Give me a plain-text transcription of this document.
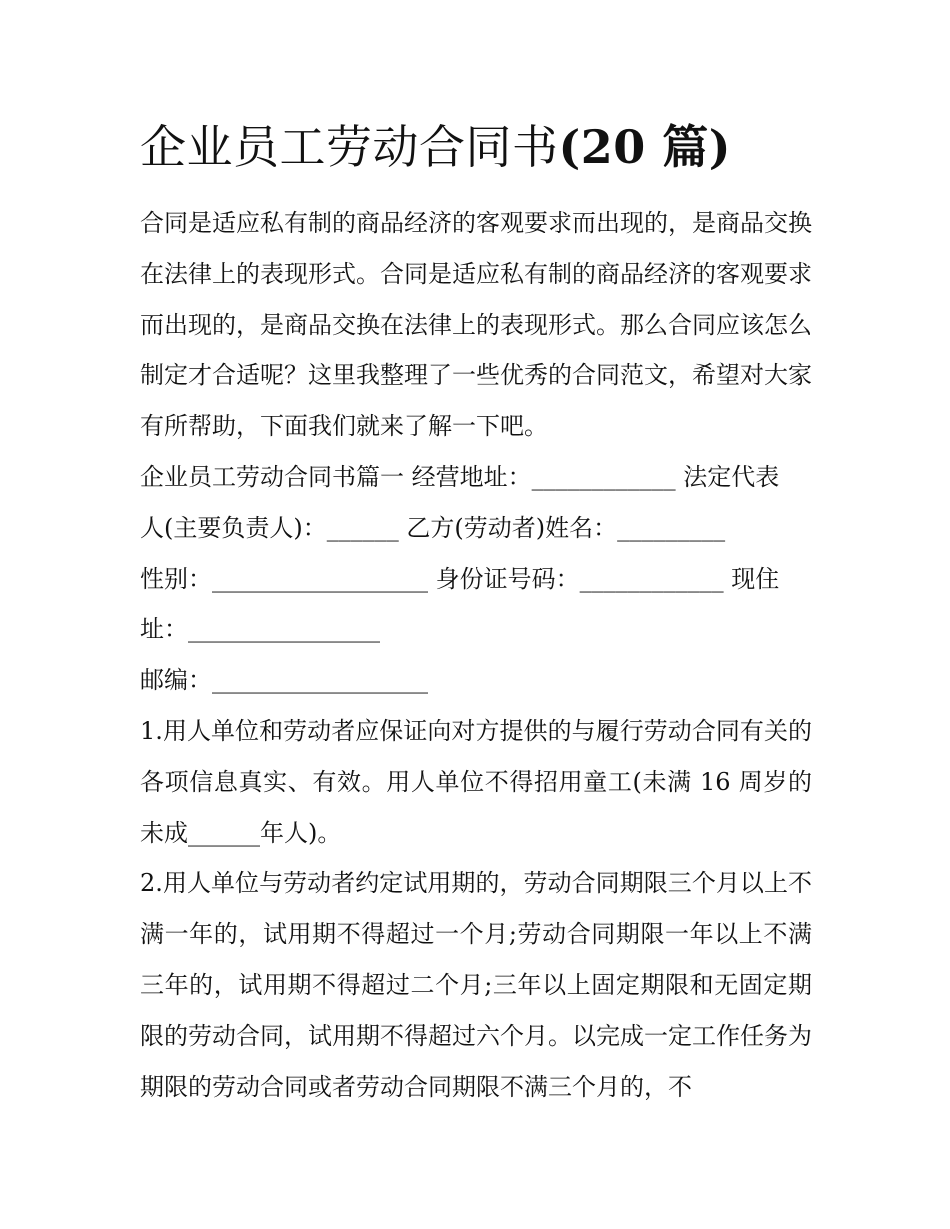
企业员工劳动合同书(20 篇)

合同是适应私有制的商品经济的客观要求而出现的，是商品交换在法律上的表现形式。合同是适应私有制的商品经济的客观要求而出现的，是商品交换在法律上的表现形式。那么合同应该怎么制定才合适呢？这里我整理了一些优秀的合同范文，希望对大家有所帮助，下面我们就来了解一下吧。

企业员工劳动合同书篇一 经营地址：____________ 法定代表

人(主要负责人)：______ 乙方(劳动者)姓名：_________

性别：__________________ 身份证号码：____________ 现住

址：________________

邮编：__________________

1.用人单位和劳动者应保证向对方提供的与履行劳动合同有关的各项信息真实、有效。用人单位不得招用童工(未满 16 周岁的未成______年人)。

2.用人单位与劳动者约定试用期的，劳动合同期限三个月以上不满一年的，试用期不得超过一个月;劳动合同期限一年以上不满三年的，试用期不得超过二个月;三年以上固定期限和无固定期限的劳动合同，试用期不得超过六个月。以完成一定工作任务为期限的劳动合同或者劳动合同期限不满三个月的，不
